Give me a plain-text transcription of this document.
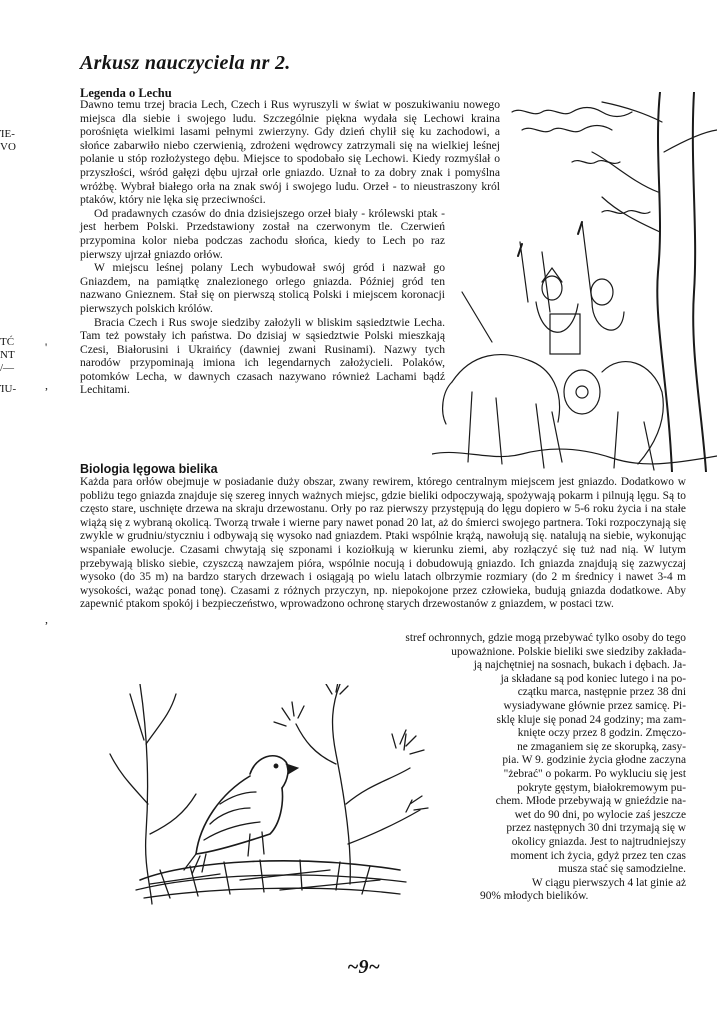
ΊΕ-
VO
TĆ
NT
/—
ΊU-
'
,
,
Arkusz nauczyciela nr 2.
Legenda o Lechu

Dawno temu trzej bracia Lech, Czech i Rus wyruszyli w świat w poszukiwaniu nowego miejsca dla siebie i swojego ludu. Szczególnie piękna wydała się Lechowi kraina porośnięta wielkimi lasami pełnymi zwierzyny. Gdy dzień chylił się ku zachodowi, a słońce zabarwiło niebo czerwienią, zdrożeni wędrowcy zatrzymali się na wielkiej leśnej polanie u stóp rozłożystego dębu. Miejsce to spodobało się Lechowi. Kiedy rozmyślał o przyszłości, wśród gałęzi dębu ujrzał orle gniazdo. Uznał to za dobry znak i pomyślna wróżbę. Wybrał białego orła na znak swój i swojego ludu. Orzeł - to nieustraszony król ptaków, który nie lęka się przeciwności.

Od pradawnych czasów do dnia dzisiejszego orzeł biały - królewski ptak - jest herbem Polski. Przedstawiony został na czerwonym tle. Czerwień przypomina kolor nieba podczas zachodu słońca, kiedy to Lech po raz pierwszy ujrzał gniazdo orłów.

W miejscu leśnej polany Lech wybudował swój gród i nazwał go Gniazdem, na pamiątkę znalezionego orlego gniazda. Później gród ten nazwano Gnieznem. Stał się on pierwszą stolicą Polski i miejscem koronacji pierwszych polskich królów.

Bracia Czech i Rus swoje siedziby założyli w bliskim sąsiedztwie Lecha. Tam też powstały ich państwa. Do dzisiaj w sąsiedztwie Polski mieszkają Czesi, Białorusini i Ukraińcy (dawniej zwani Rusinami). Nazwy tych narodów przypominają imiona ich legendarnych założycieli. Polaków, potomków Lecha, w dawnych czasach nazywano również Lachami bądź Lechitami.

Biologia lęgowa bielika

Każda para orłów obejmuje w posiadanie duży obszar, zwany rewirem, którego centralnym miejscem jest gniazdo. Dodatkowo w pobliżu tego gniazda znajduje się szereg innych ważnych miejsc, gdzie bieliki odpoczywają, spożywają pokarm i pilnują lęgu. Są to często stare, uschnięte drzewa na skraju drzewostanu. Orły po raz pierwszy przystępują do lęgu dopiero w 5-6 roku życia i na stałe wiążą się z wybraną okolicą. Tworzą trwałe i wierne pary nawet ponad 20 lat, aż do śmierci swojego partnera. Toki rozpoczynają się zwykle w grudniu/styczniu i odbywają się wysoko nad gniazdem. Ptaki wspólnie krążą, nawołują się. natalują na siebie, wykonując wspaniałe ewolucje. Czasami chwytają się szponami i koziołkują w kierunku ziemi, aby rozłączyć się tuż nad nią. W lutym przebywają blisko siebie, czyszczą nawzajem pióra, wspólnie nocują i dobudowują gniazdo. Ich gniazda znajdują się zazwyczaj wysoko (do 35 m) na bardzo starych drzewach i osiągają po wielu latach olbrzymie rozmiary (do 2 m średnicy i nawet 3-4 m wysokości, ważąc ponad tonę). Czasami z różnych przyczyn, np. niepokojone przez człowieka, budują gniazda dodatkowe. Aby zapewnić ptakom spokój i bezpieczeństwo, wprowadzono ochronę starych drzewostanów z gniazdem, w postaci tzw.

stref ochronnych, gdzie mogą przebywać tylko osoby do tego
upoważnione. Polskie bieliki swe siedziby zakłada-
ją najchętniej na sosnach, bukach i dębach. Ja-
ja składane są pod koniec lutego i na po-
czątku marca, następnie przez 38 dni
wysiadywane głównie przez samicę. Pi-
sklę kluje się ponad 24 godziny; ma zam-
knięte oczy przez 8 godzin. Zmęczo-
ne zmaganiem się ze skorupką, zasy-
pia. W 9. godzinie życia głodne zaczyna
"żebrać" o pokarm. Po wykluciu się jest
pokryte gęstym, białokremowym pu-
chem. Młode przebywają w gnieździe na-
wet do 90 dni, po wylocie zaś jeszcze
przez następnych 30 dni trzymają się w
okolicy gniazda. Jest to najtrudniejszy
moment ich życia, gdyż przez ten czas
musza stać się samodzielne.
W ciągu pierwszych 4 lat ginie aż
90% młodych bielików.
~9~
